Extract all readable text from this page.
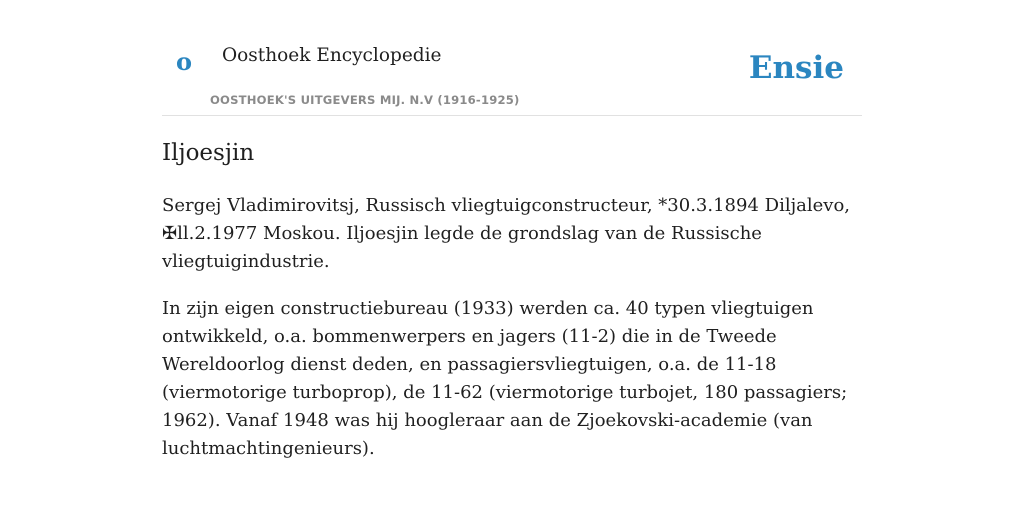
o Oosthoek Encyclopedie
OOSTHOEK'S UITGEVERS MIJ. N.V (1916-1925)
Ensie
Iljoesjin

Sergej Vladimirovitsj, Russisch vliegtuigconstructeur, *30.3.1894 Diljalevo, ✠ll.2.1977 Moskou. Iljoesjin legde de grondslag van de Russische vliegtuigindustrie.

In zijn eigen constructiebureau (1933) werden ca. 40 typen vliegtuigen ontwikkeld, o.a. bommenwerpers en jagers (11-2) die in de Tweede Wereldoorlog dienst deden, en passagiersvliegtuigen, o.a. de 11-18 (viermotorige turboprop), de 11-62 (viermotorige turbojet, 180 passagiers; 1962). Vanaf 1948 was hij hoogleraar aan de Zjoekovski-academie (van luchtmachtingenieurs).
